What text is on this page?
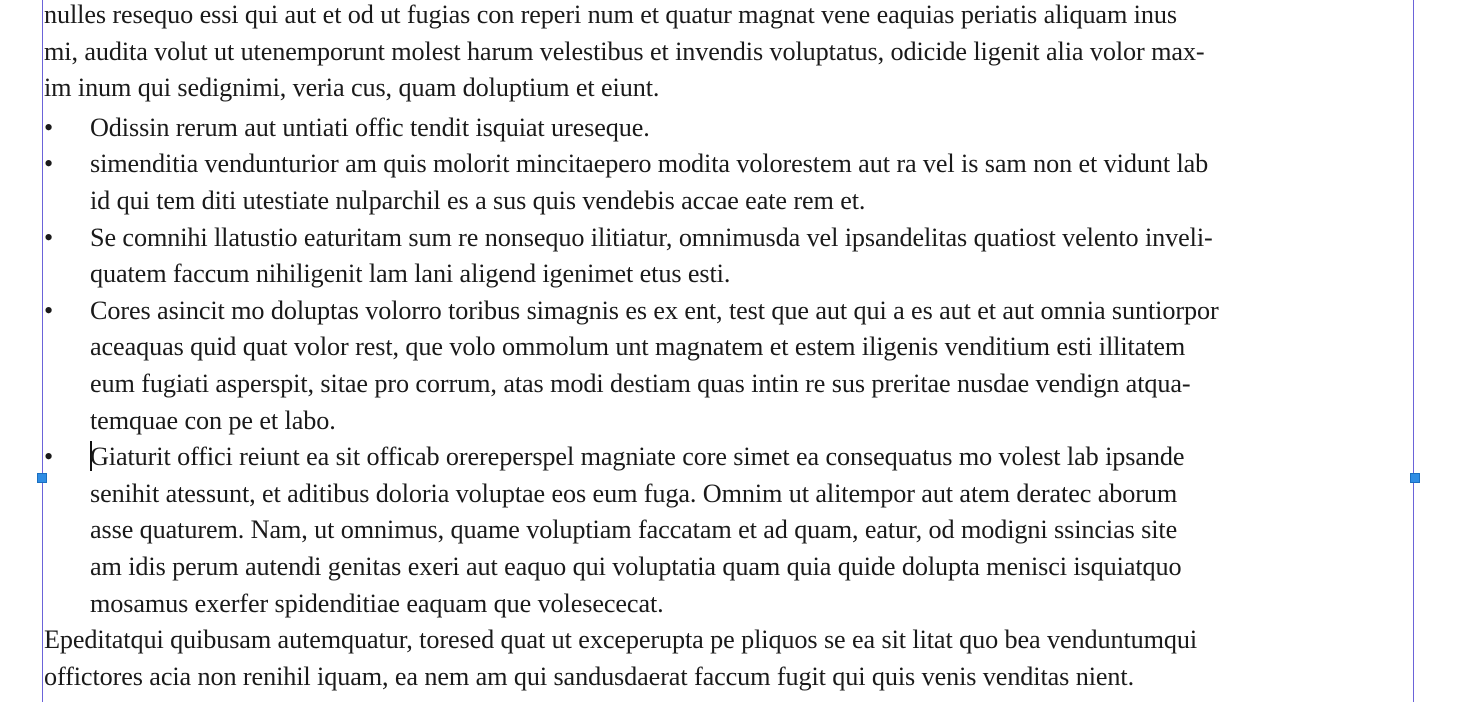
nulles resequo essi qui aut et od ut fugias con reperi num et quatur magnat vene eaquias periatis aliquam inus
mi, audita volut ut utenemporunt molest harum velestibus et invendis voluptatus, odicide ligenit alia volor max-
im inum qui sedignimi, veria cus, quam doluptium et eiunt.

• Odissin rerum aut untiati offic tendit isquiat ureseque.
• simenditia vendunturior am quis molorit mincitaepero modita volorestem aut ra vel is sam non et vidunt lab
id qui tem diti utestiate nulparchil es a sus quis vendebis accae eate rem et.
• Se comnihi llatustio eaturitam sum re nonsequo ilitiatur, omnimusda vel ipsandelitas quatiost velento inveli-
quatem faccum nihiligenit lam lani aligend igenimet etus esti.
• Cores asincit mo doluptas volorro toribus simagnis es ex ent, test que aut qui a es aut et aut omnia suntiorpor
aceaquas quid quat volor rest, que volo ommolum unt magnatem et estem iligenis venditium esti illitatem
eum fugiati asperspit, sitae pro corrum, atas modi destiam quas intin re sus preritae nusdae vendign atqua-
temquae con pe et labo.
• Giaturit offici reiunt ea sit officab orereperspel magniate core simet ea consequatus mo volest lab ipsande
senihit atessunt, et aditibus doloria voluptae eos eum fuga. Omnim ut alitempor aut atem deratec aborum
asse quaturem. Nam, ut omnimus, quame voluptiam faccatam et ad quam, eatur, od modigni ssincias site
am idis perum autendi genitas exeri aut eaquo qui voluptatia quam quia quide dolupta menisci isquiatquo
mosamus exerfer spidenditiae eaquam que volesececat.

Epeditatqui quibusam autemquatur, toresed quat ut exceperupta pe pliquos se ea sit litat quo bea venduntumqui
offictores acia non renihil iquam, ea nem am qui sandusdaerat faccum fugit qui quis venis venditas nient.
